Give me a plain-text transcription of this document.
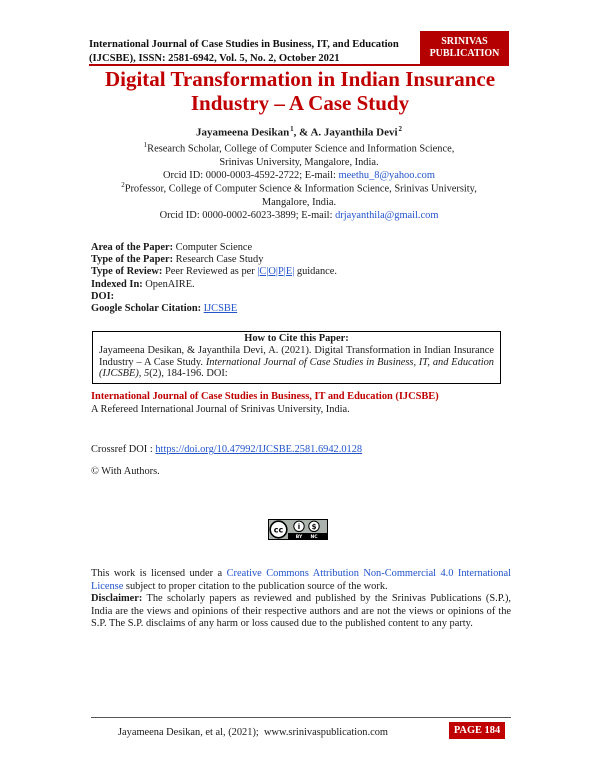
International Journal of Case Studies in Business, IT, and Education
(IJCSBE), ISSN: 2581-6942, Vol. 5, No. 2, October 2021
SRINIVAS
PUBLICATION
Digital Transformation in Indian Insurance
Industry – A Case Study
Jayameena Desikan $^1$, & A. Jayanthila Devi $^2$
$^1$Research Scholar, College of Computer Science and Information Science,
Srinivas University, Mangalore, India.
Orcid ID: 0000-0003-4592-2722; E-mail: meethu_8@yahoo.com
$^2$Professor, College of Computer Science & Information Science, Srinivas University,
Mangalore, India.
Orcid ID: 0000-0002-6023-3899; E-mail: drjayanthila@gmail.com
Area of the Paper: Computer Science
Type of the Paper: Research Case Study
Type of Review: Peer Reviewed as per |C|O|P|E| guidance.
Indexed In: OpenAIRE.
DOI:
Google Scholar Citation: IJCSBE
How to Cite this Paper:
Jayameena Desikan, & Jayanthila Devi, A. (2021). Digital Transformation in Indian Insurance Industry – A Case Study. International Journal of Case Studies in Business, IT, and Education (IJCSBE), 5(2), 184-196. DOI:
International Journal of Case Studies in Business, IT and Education (IJCSBE)
A Refereed International Journal of Srinivas University, India.
Crossref DOI : https://doi.org/10.47992/IJCSBE.2581.6942.0128
© With Authors.
cc i $
BY NC
This work is licensed under a Creative Commons Attribution Non-Commercial 4.0 International License subject to proper citation to the publication source of the work.
Disclaimer: The scholarly papers as reviewed and published by the Srinivas Publications (S.P.), India are the views and opinions of their respective authors and are not the views or opinions of the S.P. The S.P. disclaims of any harm or loss caused due to the published content to any party.
Jayameena Desikan, et al, (2021);  www.srinivaspublication.com	PAGE 184
